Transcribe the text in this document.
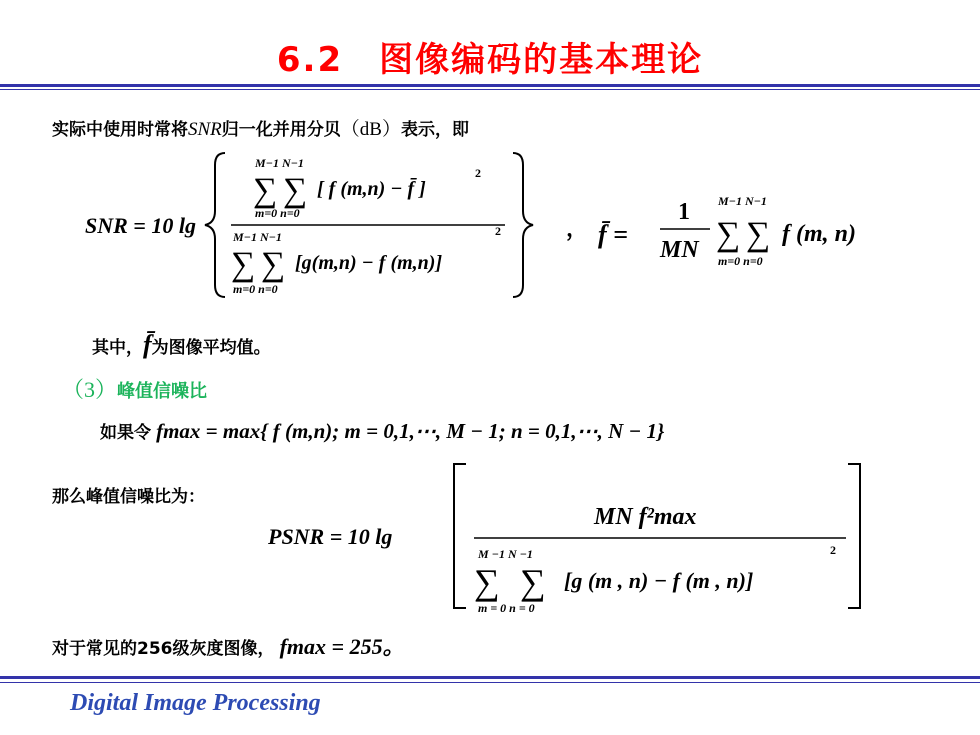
6.2　图像编码的基本理论
实际中使用时常将SNR归一化并用分贝（dB）表示，即
SNR = 10 lg
M−1 N−1
∑ ∑
m=0 n=0
[ f (m,n) − f̄ ]
2
M−1 N−1
∑ ∑
m=0 n=0
[g(m,n) − f (m,n)]
2	， f̄ =
1
MN
M−1 N−1
∑ ∑
m=0 n=0
f (m, n)
其中，f̄为图像平均值。
（3）峰值信噪比
如果令 fmax = max{ f (m,n); m = 0,1,⋯, M − 1; n = 0,1,⋯, N − 1}
那么峰值信噪比为：
PSNR = 10 lg
MN f²max
M −1 N −1
∑ ∑
m = 0 n = 0
[g (m , n) − f (m , n)]
2
对于常见的256级灰度图像， fmax = 255。
Digital Image Processing
